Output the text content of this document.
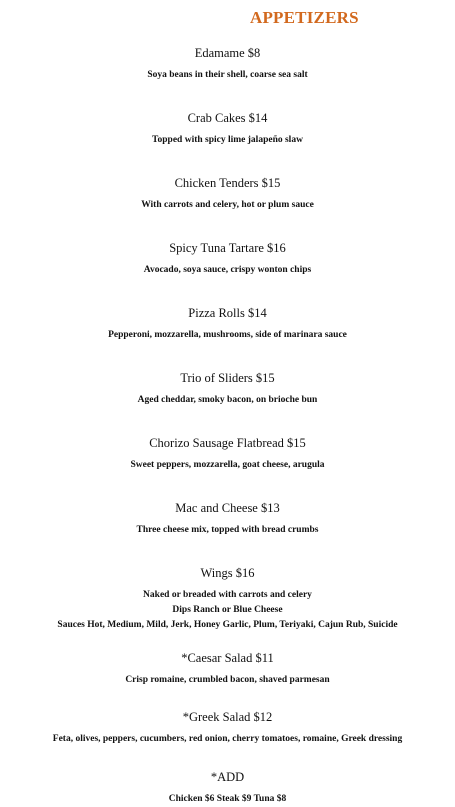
APPETIZERS
Edamame $8
Soya beans in their shell, coarse sea salt
Crab Cakes $14
Topped with spicy lime jalapeño slaw
Chicken Tenders $15
With carrots and celery, hot or plum sauce
Spicy Tuna Tartare $16
Avocado, soya sauce, crispy wonton chips
Pizza Rolls $14
Pepperoni, mozzarella, mushrooms, side of marinara sauce
Trio of Sliders $15
Aged cheddar, smoky bacon, on brioche bun
Chorizo Sausage Flatbread $15
Sweet peppers, mozzarella, goat cheese, arugula
Mac and Cheese $13
Three cheese mix, topped with bread crumbs
Wings $16
Naked or breaded with carrots and celery
Dips Ranch or Blue Cheese
Sauces Hot, Medium, Mild, Jerk, Honey Garlic, Plum, Teriyaki, Cajun Rub, Suicide
*Caesar Salad $11
Crisp romaine, crumbled bacon, shaved parmesan
*Greek Salad $12
Feta, olives, peppers, cucumbers, red onion, cherry tomatoes, romaine, Greek dressing
*ADD
Chicken $6 Steak $9 Tuna $8
